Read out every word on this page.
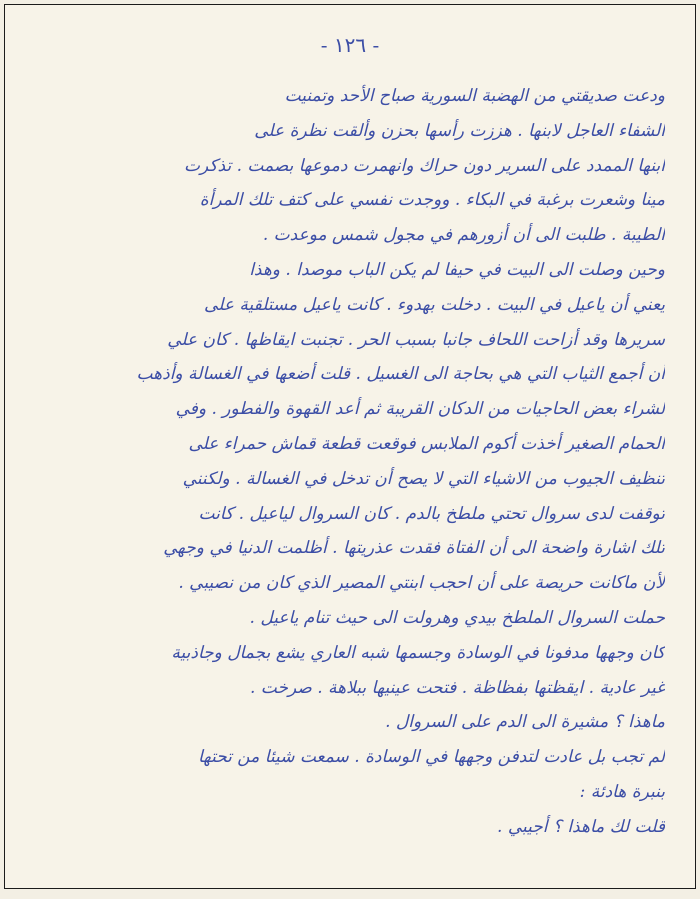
- ١٢٦ -
ودعت صديقتي من الهضبة السورية صباح الأحد وتمنيت
الشفاء العاجل لابنها . هززت رأسها بحزن وألقت نظرة على
ابنها الممدد على السرير دون حراك وانهمرت دموعها بصمت . تذكرت
مينا وشعرت برغبة في البكاء . ووجدت نفسي على كتف تلك المرأة
الطيبة . طلبت الى أن أزورهم في مجول شمس موعدت .
وحين وصلت الى البيت في حيفا لم يكن الباب موصدا . وهذا
يعني أن ياعيل في البيت . دخلت بهدوء . كانت ياعيل مستلقية على
سريرها وقد أزاحت اللحاف جانبا بسبب الحر . تجنبت ايقاظها . كان علي
أن أجمع الثياب التي هي بحاجة الى الغسيل . قلت أضعها في الغسالة وأذهب
لشراء بعض الحاجيات من الدكان القريبة ثم أعد القهوة والفطور . وفي
الحمام الصغير أخذت أكوم الملابس فوقعت قطعة قماش حمراء على
تنظيف الجيوب من الاشياء التي لا يصح أن تدخل في الغسالة . ولكنني
توقفت لدى سروال تحتي ملطخ بالدم . كان السروال لياعيل . كانت
تلك اشارة واضحة الى أن الفتاة فقدت عذريتها . أظلمت الدنيا في وجهي
لأن ماكانت حريصة على أن احجب ابنتي المصير الذي كان من نصيبي .
حملت السروال الملطخ بيدي وهرولت الى حيث تنام ياعيل .
كان وجهها مدفونا في الوسادة وجسمها شبه العاري يشع بجمال وجاذبية
غير عادية . ايقظتها بفظاظة . فتحت عينيها ببلاهة . صرخت .
ماهذا ؟ مشيرة الى الدم على السروال .
لم تجب بل عادت لتدفن وجهها في الوسادة . سمعت شيئا من تحتها
بنبرة هادئة :
قلت لك ماهذا ؟ أجيبي .
